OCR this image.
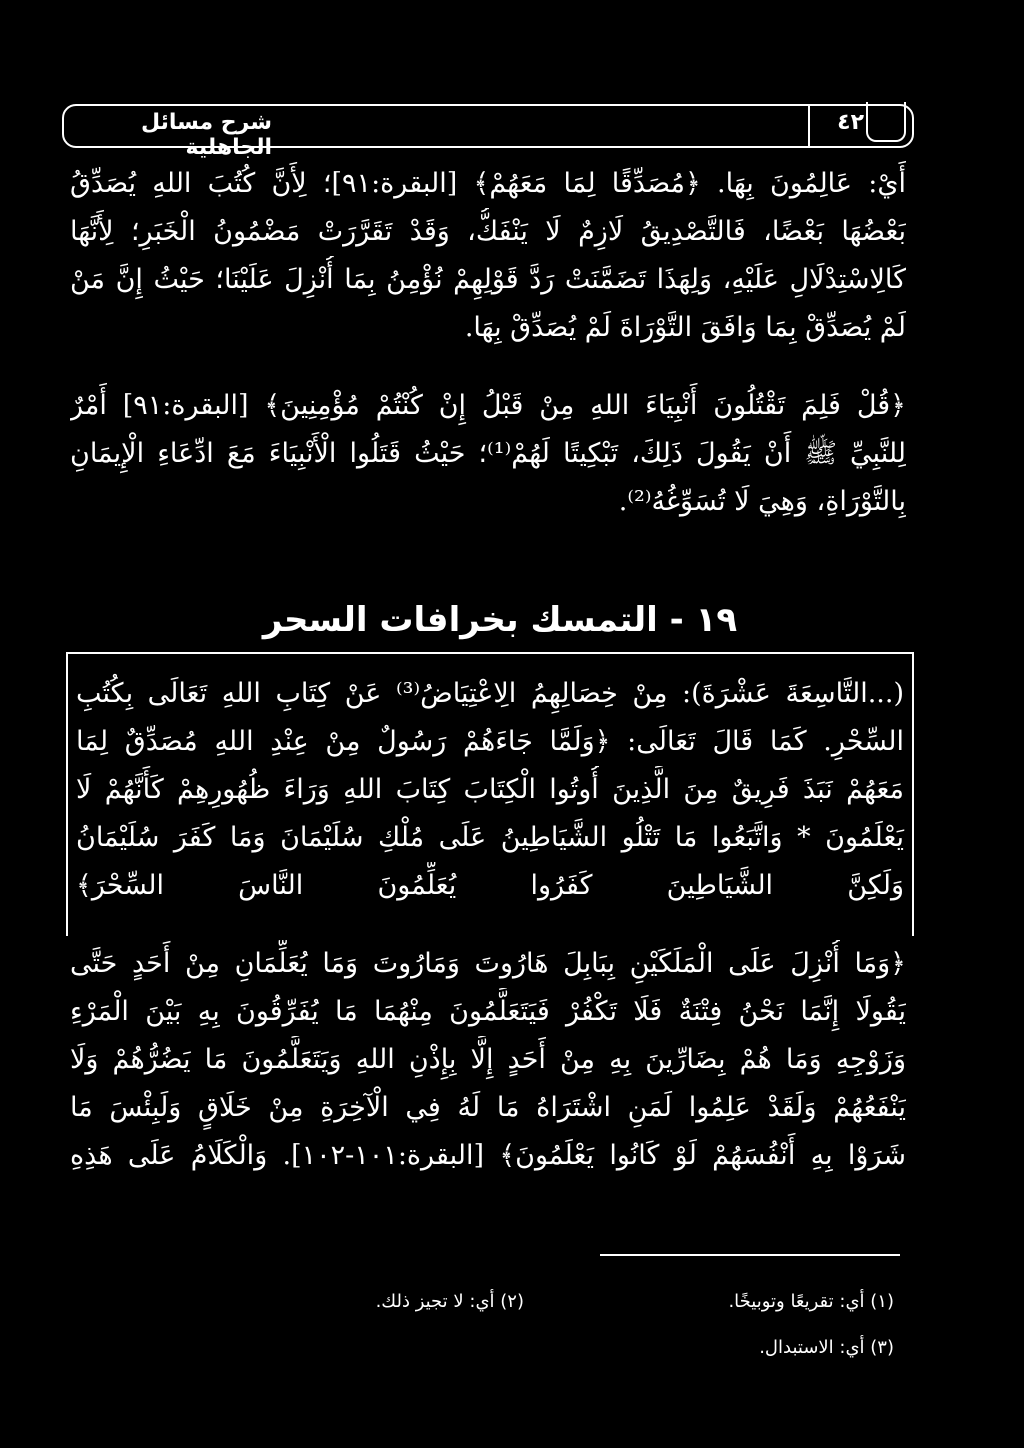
شرح مسائل الجاهلية
٤٢
أَيْ: عَالِمُونَ بِهَا. ﴿مُصَدِّقًا لِمَا مَعَهُمْ﴾ [البقرة:٩١]؛ لِأَنَّ كُتُبَ اللهِ يُصَدِّقُ
بَعْضُهَا بَعْضًا، فَالتَّصْدِيقُ لَازِمٌ لَا يَنْفَكُّ، وَقَدْ تَقَرَّرَتْ مَضْمُونُ الْخَبَرِ؛ لِأَنَّهَا
كَالِاسْتِدْلَالِ عَلَيْهِ، وَلِهَذَا تَضَمَّنَتْ رَدَّ قَوْلِهِمْ نُؤْمِنُ بِمَا أُنْزِلَ عَلَيْنَا؛ حَيْثُ إِنَّ مَنْ
لَمْ يُصَدِّقْ بِمَا وَافَقَ التَّوْرَاةَ لَمْ يُصَدِّقْ بِهَا.
﴿قُلْ فَلِمَ تَقْتُلُونَ أَنْبِيَاءَ اللهِ مِنْ قَبْلُ إِنْ كُنْتُمْ مُؤْمِنِينَ﴾ [البقرة:٩١] أَمْرٌ
لِلنَّبِيِّ ﷺ أَنْ يَقُولَ ذَلِكَ، تَبْكِيتًا لَهُمْ⁽¹⁾؛ حَيْثُ قَتَلُوا الْأَنْبِيَاءَ مَعَ ادِّعَاءِ الْإِيمَانِ
بِالتَّوْرَاةِ، وَهِيَ لَا تُسَوِّغُهُ⁽²⁾.
١٩ - التمسك بخرافات السحر
(...التَّاسِعَةَ عَشْرَةَ): مِنْ خِصَالِهِمُ الِاعْتِيَاضُ⁽³⁾ عَنْ كِتَابِ اللهِ تَعَالَى بِكُتُبِ
السِّحْرِ. كَمَا قَالَ تَعَالَى: ﴿وَلَمَّا جَاءَهُمْ رَسُولٌ مِنْ عِنْدِ اللهِ مُصَدِّقٌ لِمَا
مَعَهُمْ نَبَذَ فَرِيقٌ مِنَ الَّذِينَ أُوتُوا الْكِتَابَ كِتَابَ اللهِ وَرَاءَ ظُهُورِهِمْ كَأَنَّهُمْ لَا
يَعْلَمُونَ * وَاتَّبَعُوا مَا تَتْلُو الشَّيَاطِينُ عَلَى مُلْكِ سُلَيْمَانَ وَمَا كَفَرَ سُلَيْمَانُ
وَلَكِنَّ الشَّيَاطِينَ كَفَرُوا يُعَلِّمُونَ النَّاسَ السِّحْرَ﴾
﴿وَمَا أُنْزِلَ عَلَى الْمَلَكَيْنِ بِبَابِلَ هَارُوتَ وَمَارُوتَ وَمَا يُعَلِّمَانِ مِنْ أَحَدٍ حَتَّى
يَقُولَا إِنَّمَا نَحْنُ فِتْنَةٌ فَلَا تَكْفُرْ فَيَتَعَلَّمُونَ مِنْهُمَا مَا يُفَرِّقُونَ بِهِ بَيْنَ الْمَرْءِ
وَزَوْجِهِ وَمَا هُمْ بِضَارِّينَ بِهِ مِنْ أَحَدٍ إِلَّا بِإِذْنِ اللهِ وَيَتَعَلَّمُونَ مَا يَضُرُّهُمْ وَلَا
يَنْفَعُهُمْ وَلَقَدْ عَلِمُوا لَمَنِ اشْتَرَاهُ مَا لَهُ فِي الْآخِرَةِ مِنْ خَلَاقٍ وَلَبِئْسَ مَا
شَرَوْا بِهِ أَنْفُسَهُمْ لَوْ كَانُوا يَعْلَمُونَ﴾ [البقرة:١٠١-١٠٢]. وَالْكَلَامُ عَلَى هَذِهِ
(١) أي: تقريعًا وتوبيخًا.
(٢) أي: لا تجيز ذلك.
(٣) أي: الاستبدال.
